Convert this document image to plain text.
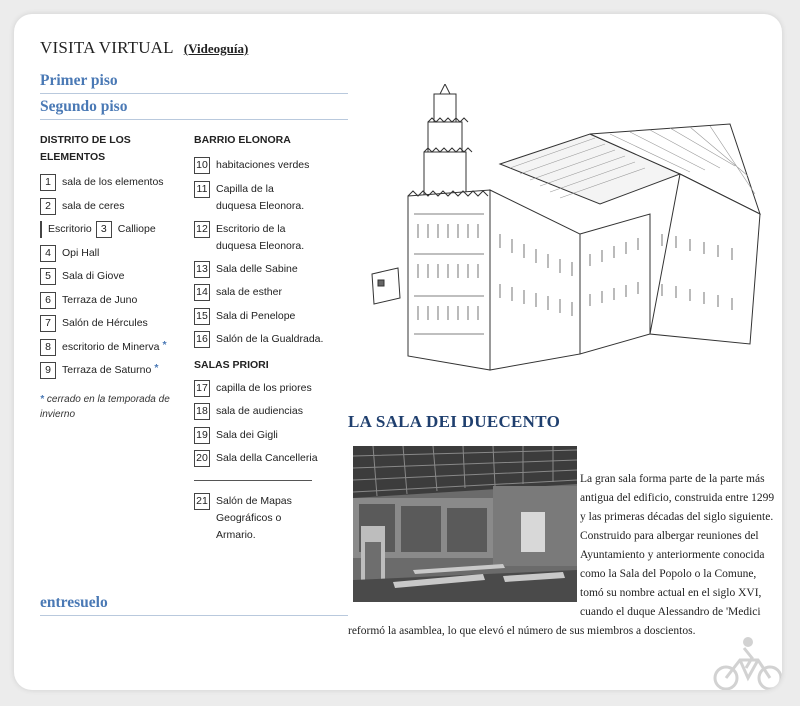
VISITA VIRTUAL (Videoguía)
Primer piso
Segundo piso
DISTRITO DE LOS
ELEMENTOS
1	sala de los elementos
2	sala de ceres
Escritorio 3	Calliope
4	Opi Hall
5	Sala di Giove
6	Terraza de Juno
7	Salón de Hércules
8	escritorio de Minerva *
9	Terraza de Saturno *
* cerrado en la temporada de invierno
BARRIO ELONORA
10 habitaciones verdes
11 Capilla de la
duquesa Eleonora.
12 Escritorio de la
duquesa Eleonora.
13 Sala delle Sabine
14 sala de esther
15 Sala di Penelope
16 Salón de la Gualdrada.
SALAS PRIORI
17 capilla de los priores
18 sala de audiencias
19 Sala dei Gigli
20 Sala della Cancelleria
21 Salón de Mapas
Geográficos o
Armario.
entresuelo
LA SALA DEI DUECENTO
La gran sala forma parte de la parte más antigua del edificio, construida entre 1299 y las primeras décadas del siglo siguiente. Construido para albergar reuniones del Ayuntamiento y anteriormente conocida como la Sala del Popolo o la Comune, tomó su nombre actual en el siglo XVI, cuando el duque Alessandro de 'Medici reformó la asamblea, lo que elevó el número de sus miembros a doscientos.
